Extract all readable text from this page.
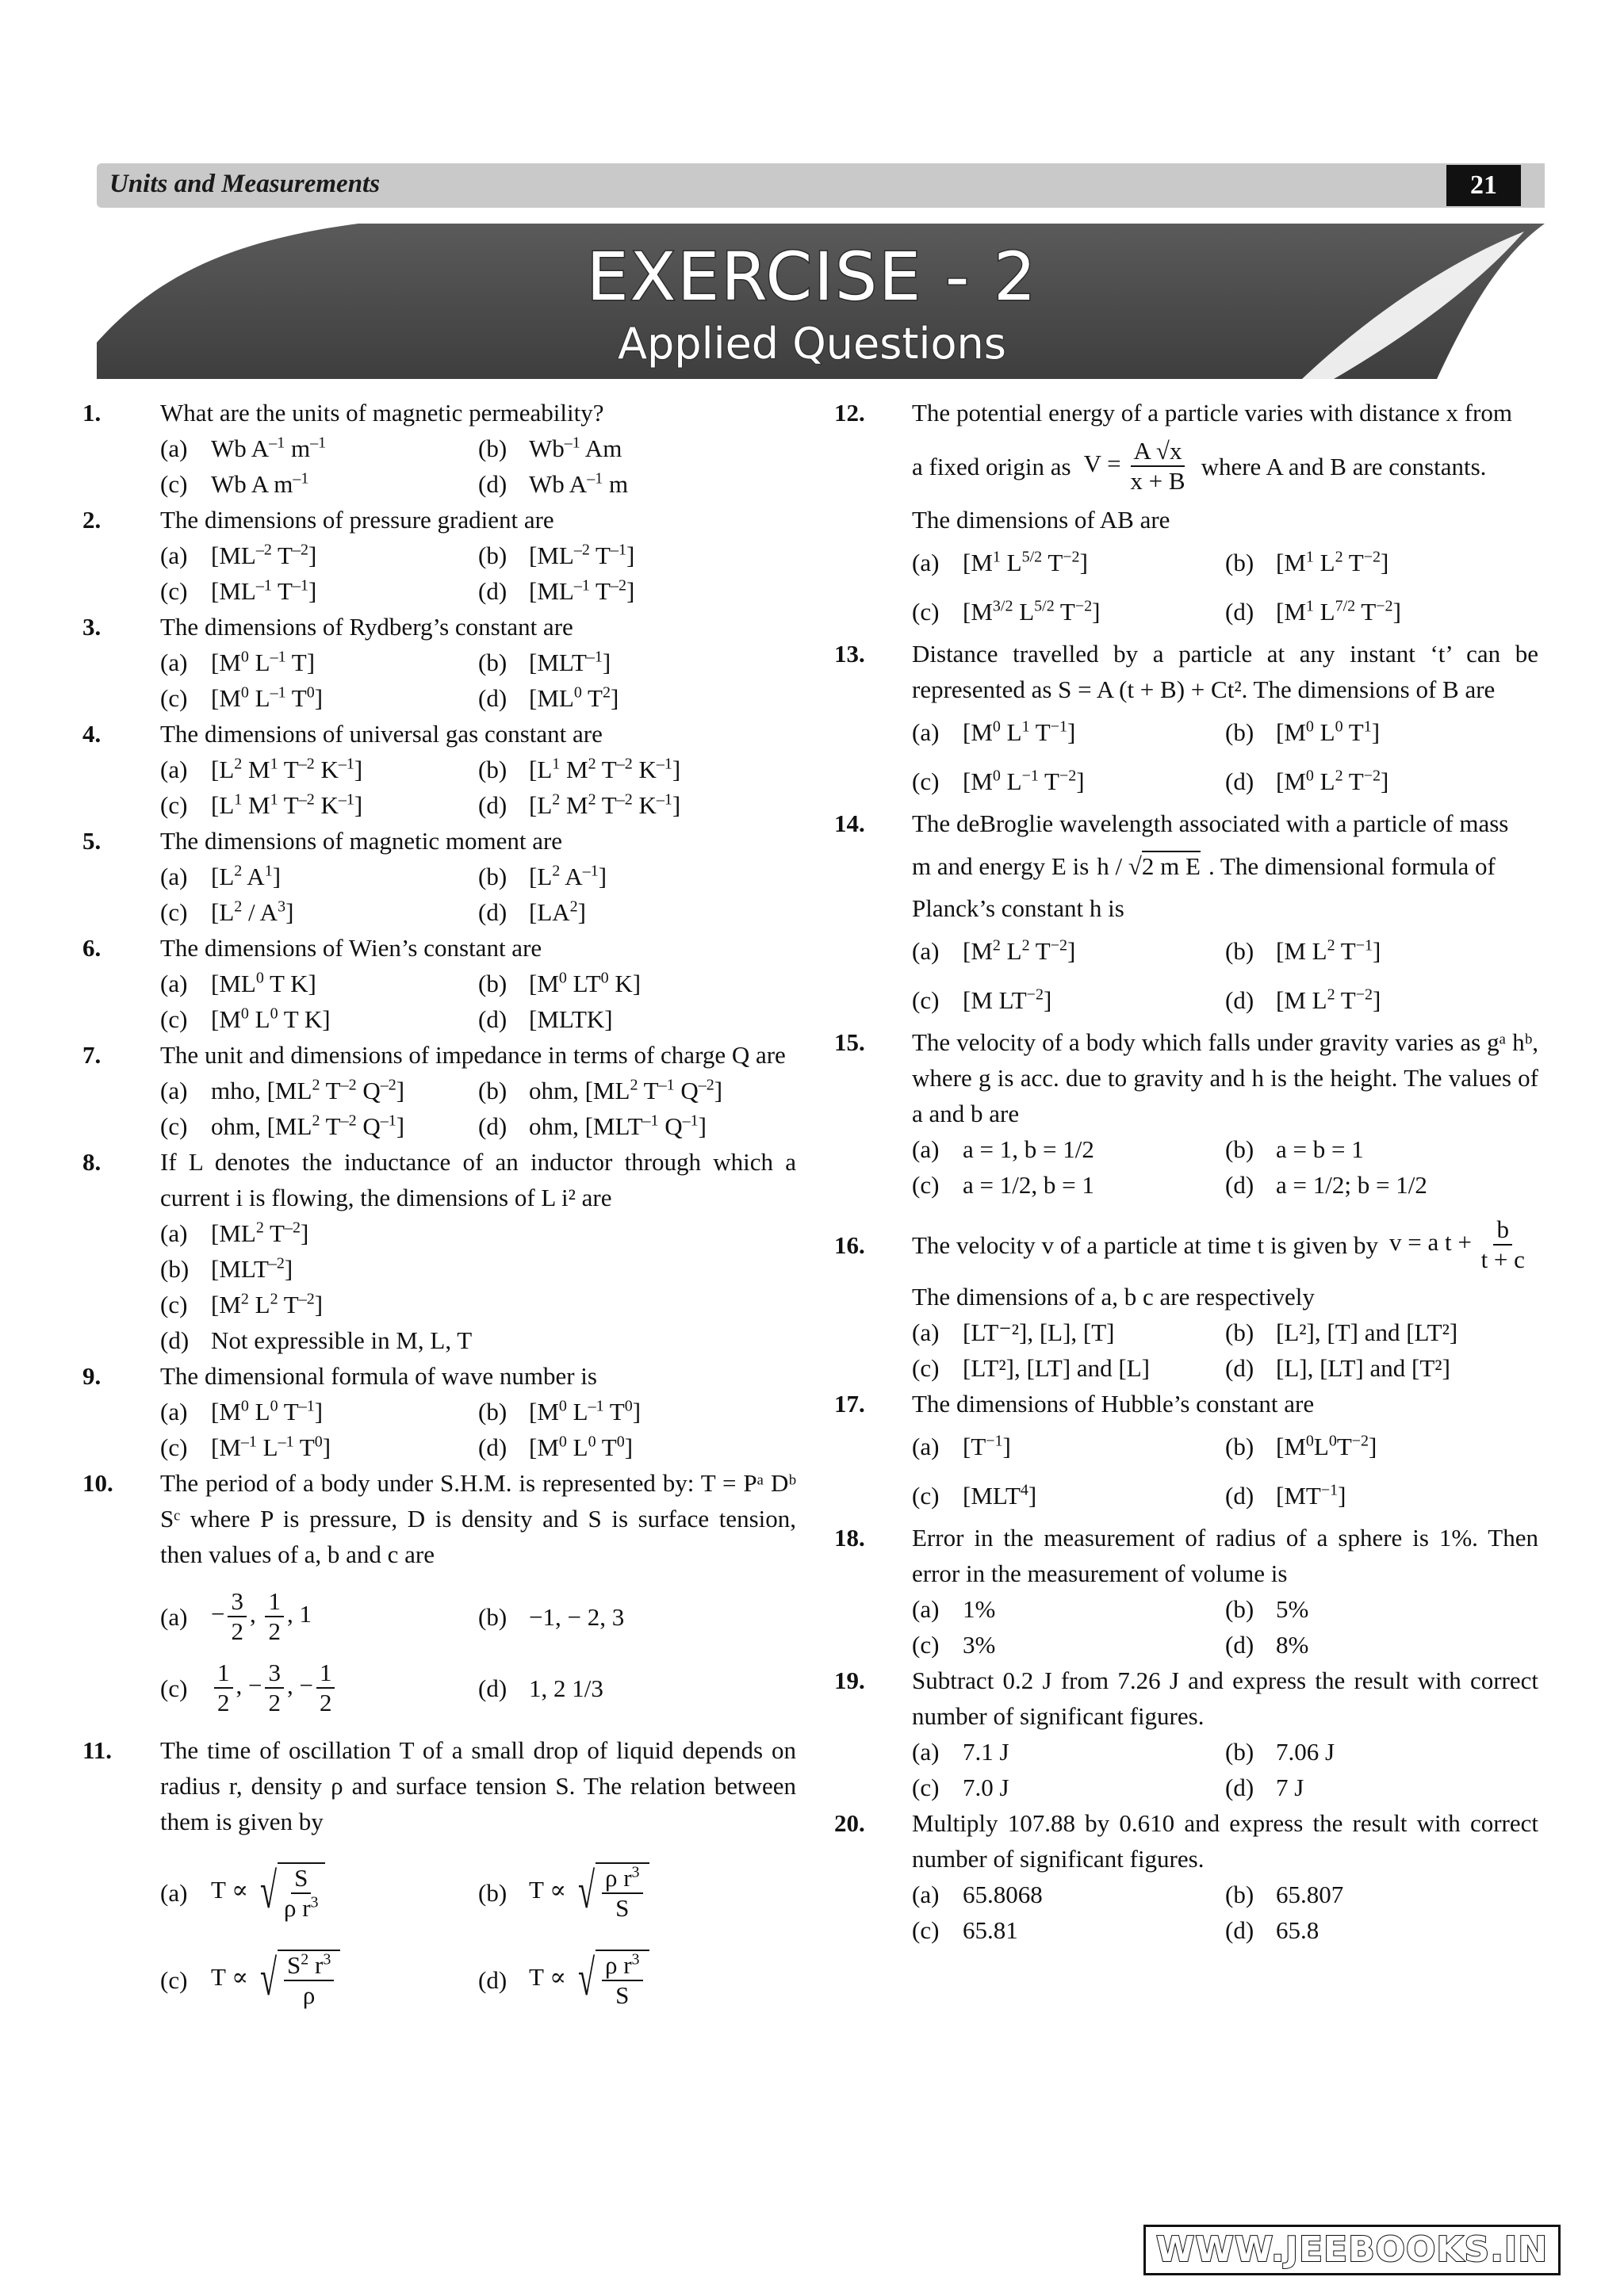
Units and Measurements	21
EXERCISE - 2
Applied Questions
1. What are the units of magnetic permeability?
(a) Wb $A^{-1}$ $m^{-1}$	(b) $Wb^{-1}$ Am
(c) Wb A $m^{-1}$	(d) Wb $A^{-1}$ m
2. The dimensions of pressure gradient are
(a) [$ML^{-2}$ $T^{-2}$]	(b) [$ML^{-2}$ $T^{-1}$]
(c) [$ML^{-1}$ $T^{-1}$]	(d) [$ML^{-1}$ $T^{-2}$]
3. The dimensions of Rydberg’s constant are
(a) [$M^0$ $L^{-1}$ T]	(b) $[MLT^{-1}]$
(c) [$M^0$ $L^{-1}$ $T^0$]	(d) [$ML^0$ $T^2$]
4. The dimensions of universal gas constant are
(a) [$L^2$ $M^1$ $T^{-2}$ $K^{-1}$]	(b) [$L^1$ $M^2$ $T^{-2}$ $K^{-1}$]
(c) [$L^1$ $M^1$ $T^{-2}$ $K^{-1}$]	(d) [$L^2$ $M^2$ $T^{-2}$ $K^{-1}$]
5. The dimensions of magnetic moment are
(a) [$L^2$ $A^1$]	(b) [$L^2$ $A^{-1}$]
(c) $[L^2 / A^3]$	(d) $[LA^2]$
6. The dimensions of Wien’s constant are
(a) [$ML^0$ T K]	(b) [$M^0$ $LT^0$ K]
(c) [$M^0$ $L^0$ T K]	(d) [MLTK]
7. The unit and dimensions of impedance in terms of charge Q are
(a) mho, [$ML^2$ $T^{-2}$ $Q^{-2}$]	(b) ohm, [$ML^2$ $T^{-1}$ $Q^{-2}$]
(c) ohm, [$ML^2$ $T^{-2}$ $Q^{-1}$]	(d) ohm, [$MLT^{-1}$ $Q^{-1}$]
8. If L denotes the inductance of an inductor through which a current i is flowing, the dimensions of L i² are
(a) [$ML^2$ $T^{-2}$]
(b) $[MLT^{-2}]$
(c) [$M^2$ $L^2$ $T^{-2}$]
(d) Not expressible in M, L, T
9. The dimensional formula of wave number is
(a) [$M^0$ $L^0$ $T^{-1}$]	(b) [$M^0$ $L^{-1}$ $T^0$]
(c) [$M^{-1}$ $L^{-1}$ $T^0$]	(d) [$M^0$ $L^0$ $T^0$]
10. The period of a body under S.H.M. is represented by: T = Pᵃ Dᵇ Sᶜ where P is pressure, D is density and S is surface tension, then values of a, b and c are
$(a) - \frac{3}{2}$ , $\frac{1}{2}$ , 1	(b) −1, − 2, 3
(c)	$\frac{1}{2}$ , − $\frac{3}{2}$ , − $\frac{1}{2}$	(d) 1, 2 1/3
11. The time of oscillation T of a small drop of liquid depends on radius r, density ρ and surface tension S. The relation between them is given by
(a) T ∝ √ $\frac{S}{\rho r^3}$	(b) T ∝ √ $\frac{\rho r^3}{S}$
(c) T ∝ √ $\frac{S^2 r^3}{\rho}$	(d) T ∝ √ $\frac{\rho r^3}{S}$
12. The potential energy of a particle varies with distance x from
a fixed origin as $V = \frac{A √x}{x + B}$ where A and B are constants.
The dimensions of AB are
(a) [$M^1$ $L^{5/2}$ $T^{-2}$]	(b) [$M^1$ $L^2$ $T^{-2}$]
(c) [$M^{3/2}$ $L^{5/2}$ $T^{-2}$]	(d) [$M^1$ $L^{7/2}$ $T^{-2}$]
13. Distance travelled by a particle at any instant ‘t’ can be represented as S = A (t + B) + Ct². The dimensions of B are
(a) [$M^0$ $L^1$ $T^{-1}$]	(b) [$M^0$ $L^0$ $T^1$]
(c) [$M^0$ $L^{-1}$ $T^{-2}$]	(d) [$M^0$ $L^2$ $T^{-2}$]
14. The deBroglie wavelength associated with a particle of mass
m and energy E is h / √2 m E . The dimensional formula of
Planck’s constant h is
(a) [$M^2$ $L^2$ $T^{-2}$]	(b) [M $L^2$ $T^{-1}$]
(c) [M $LT^{-2}$]	(d) [M $L^2$ $T^{-2}$]
15. The velocity of a body which falls under gravity varies as gᵃ hᵇ, where g is acc. due to gravity and h is the height. The values of a and b are
(a) a = 1, b = 1/2	(b) a = b = 1
(c) a = 1/2, b = 1	(d) a = 1/2; b = 1/2
16.	The velocity v of a particle at time t is given by v = a $t + \frac{b}{t + c}$
The dimensions of a, b c are respectively
(a) [LT⁻²], [L], [T]	(b) [L²], [T] and [LT²]
(c) [LT²], [LT] and [L]	(d) [L], [LT] and [T²]
17. The dimensions of Hubble’s constant are
(a) $[T^{-1}]$	(b) $[M^0L^0T^{-2}]$
(c) [MLT$^4$]	(d) $[MT^{-1}]$
18. Error in the measurement of radius of a sphere is 1%. Then error in the measurement of volume is
(a) 1%	(b) 5%
(c) 3%	(d) 8%
19. Subtract 0.2 J from 7.26 J and express the result with correct number of significant figures.
(a) 7.1 J	(b) 7.06 J
(c) 7.0 J	(d) 7 J
20. Multiply 107.88 by 0.610 and express the result with correct number of significant figures.
(a) 65.8068	(b) 65.807
(c) 65.81	(d) 65.8
WWW.JEEBOOKS.IN
